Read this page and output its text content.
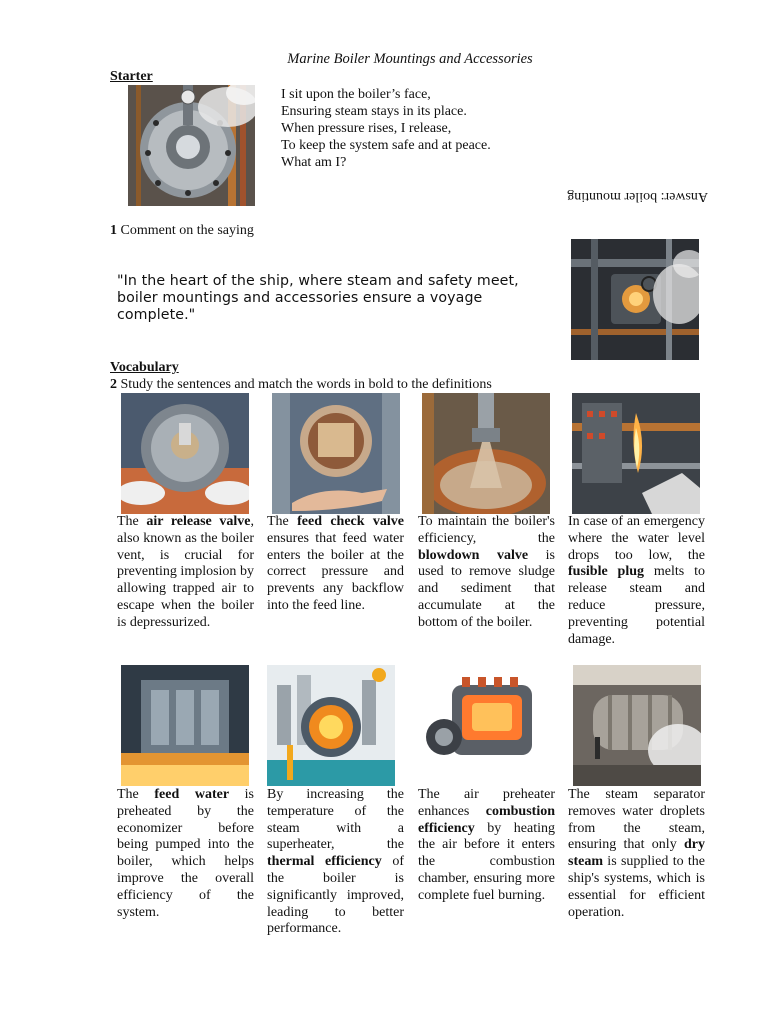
Marine Boiler Mountings and Accessories
Starter
I sit upon the boiler’s face,
Ensuring steam stays in its place.
When pressure rises, I release,
To keep the system safe and at peace.
What am I?
Answer: boiler mounting
1 Comment on the saying
"In the heart of the ship, where steam and safety meet, boiler mountings and accessories ensure a voyage complete."
Vocabulary
2 Study the sentences and match the words in bold to the definitions
The air release valve, also known as the boiler vent, is crucial for preventing implosion by allowing trapped air to escape when the boiler is depressurized.
The feed check valve ensures that feed water enters the boiler at the correct pressure and prevents any backflow into the feed line.
To maintain the boiler's efficiency, the blowdown valve is used to remove sludge and sediment that accumulate at the bottom of the boiler.
In case of an emergency where the water level drops too low, the fusible plug melts to release steam and reduce pressure, preventing potential damage.
The feed water is preheated by the economizer before being pumped into the boiler, which helps improve the overall efficiency of the system.
By increasing the temperature of the steam with a superheater, the thermal efficiency of the boiler is significantly improved, leading to better performance.
The air preheater enhances combustion efficiency by heating the air before it enters the combustion chamber, ensuring more complete fuel burning.
The steam separator removes water droplets from the steam, ensuring that only dry steam is supplied to the ship's systems, which is essential for efficient operation.
